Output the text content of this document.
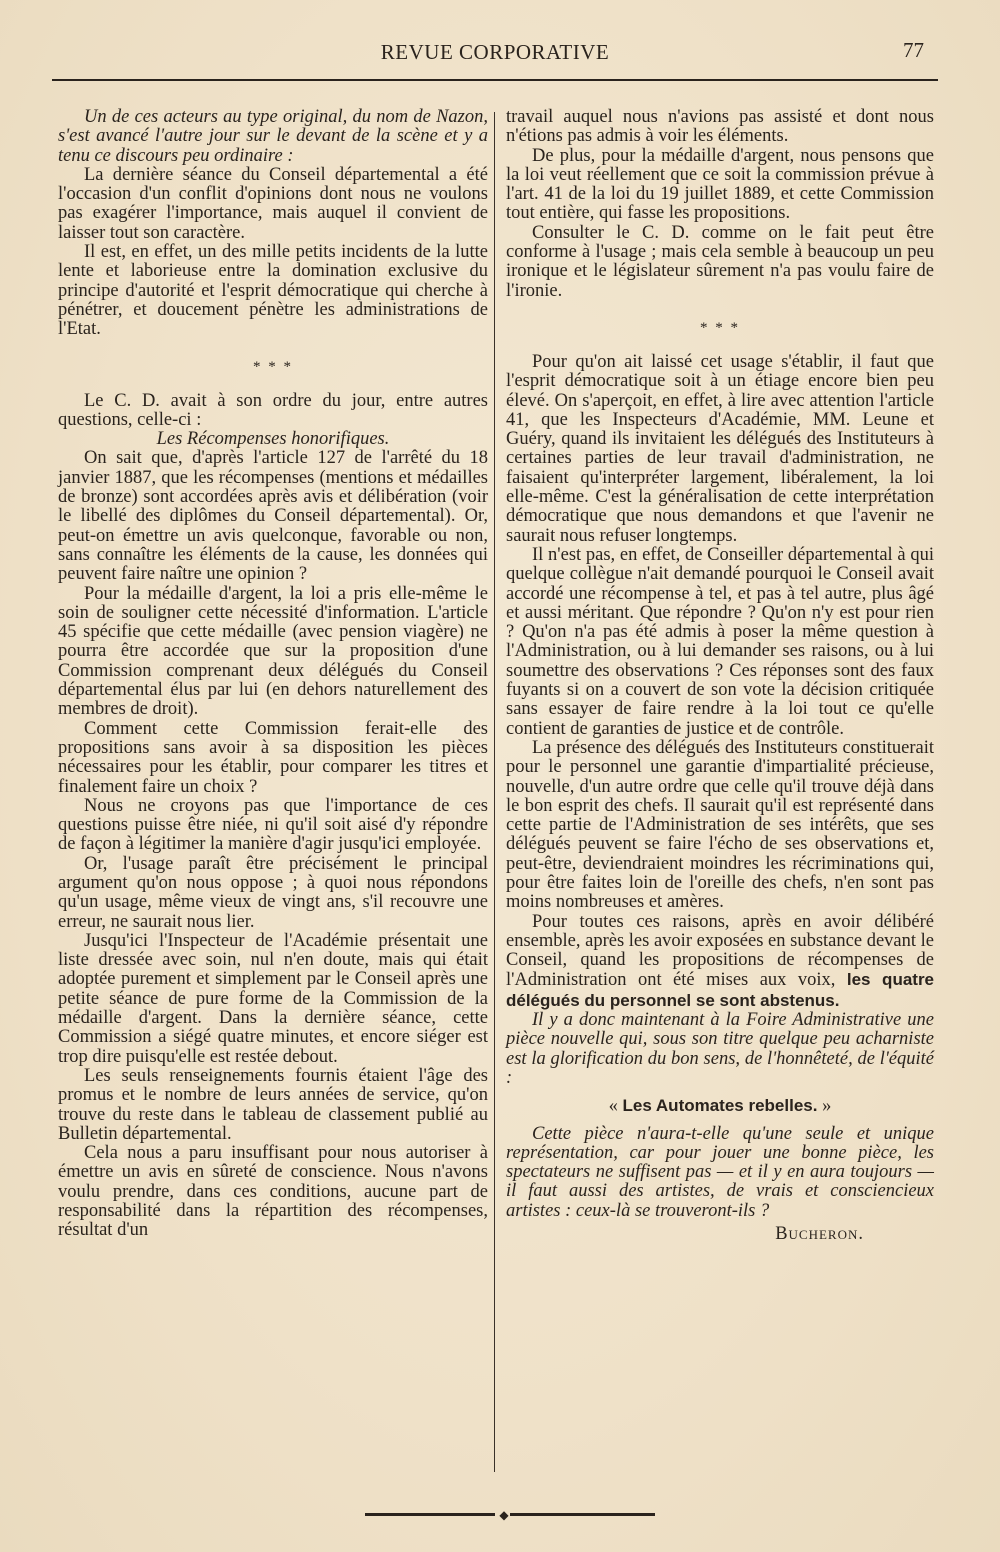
REVUE CORPORATIVE	77

Un de ces acteurs au type original, du nom de Nazon, s'est avancé l'autre jour sur le devant de la scène et y a tenu ce discours peu ordinaire :

La dernière séance du Conseil départemental a été l'occasion d'un conflit d'opinions dont nous ne voulons pas exagérer l'importance, mais auquel il convient de laisser tout son caractère.

Il est, en effet, un des mille petits incidents de la lutte lente et laborieuse entre la domination exclusive du principe d'autorité et l'esprit démocratique qui cherche à pénétrer, et doucement pénètre les administrations de l'Etat.

* * *

Le C. D. avait à son ordre du jour, entre autres questions, celle-ci :

Les Récompenses honorifiques.

On sait que, d'après l'article 127 de l'arrêté du 18 janvier 1887, que les récompenses (mentions et médailles de bronze) sont accordées après avis et délibération (voir le libellé des diplômes du Conseil départemental). Or, peut-on émettre un avis quelconque, favorable ou non, sans connaître les éléments de la cause, les données qui peuvent faire naître une opinion ?

Pour la médaille d'argent, la loi a pris elle-même le soin de souligner cette nécessité d'information. L'article 45 spécifie que cette médaille (avec pension viagère) ne pourra être accordée que sur la proposition d'une Commission comprenant deux délégués du Conseil départemental élus par lui (en dehors naturellement des membres de droit).

Comment cette Commission ferait-elle des propositions sans avoir à sa disposition les pièces nécessaires pour les établir, pour comparer les titres et finalement faire un choix ?

Nous ne croyons pas que l'importance de ces questions puisse être niée, ni qu'il soit aisé d'y répondre de façon à légitimer la manière d'agir jusqu'ici employée.

Or, l'usage paraît être précisément le principal argument qu'on nous oppose ; à quoi nous répondons qu'un usage, même vieux de vingt ans, s'il recouvre une erreur, ne saurait nous lier.

Jusqu'ici l'Inspecteur de l'Académie présentait une liste dressée avec soin, nul n'en doute, mais qui était adoptée purement et simplement par le Conseil après une petite séance de pure forme de la Commission de la médaille d'argent. Dans la dernière séance, cette Commission a siégé quatre minutes, et encore siéger est trop dire puisqu'elle est restée debout.

Les seuls renseignements fournis étaient l'âge des promus et le nombre de leurs années de service, qu'on trouve du reste dans le tableau de classement publié au Bulletin départemental.

Cela nous a paru insuffisant pour nous autoriser à émettre un avis en sûreté de conscience. Nous n'avons voulu prendre, dans ces conditions, aucune part de responsabilité dans la répartition des récompenses, résultat d'un

travail auquel nous n'avions pas assisté et dont nous n'étions pas admis à voir les éléments.

De plus, pour la médaille d'argent, nous pensons que la loi veut réellement que ce soit la commission prévue à l'art. 41 de la loi du 19 juillet 1889, et cette Commission tout entière, qui fasse les propositions.

Consulter le C. D. comme on le fait peut être conforme à l'usage ; mais cela semble à beaucoup un peu ironique et le législateur sûrement n'a pas voulu faire de l'ironie.

* * *

Pour qu'on ait laissé cet usage s'établir, il faut que l'esprit démocratique soit à un étiage encore bien peu élevé. On s'aperçoit, en effet, à lire avec attention l'article 41, que les Inspecteurs d'Académie, MM. Leune et Guéry, quand ils invitaient les délégués des Instituteurs à certaines parties de leur travail d'administration, ne faisaient qu'interpréter largement, libéralement, la loi elle-même. C'est la généralisation de cette interprétation démocratique que nous demandons et que l'avenir ne saurait nous refuser longtemps.

Il n'est pas, en effet, de Conseiller départemental à qui quelque collègue n'ait demandé pourquoi le Conseil avait accordé une récompense à tel, et pas à tel autre, plus âgé et aussi méritant. Que répondre ? Qu'on n'y est pour rien ? Qu'on n'a pas été admis à poser la même question à l'Administration, ou à lui demander ses raisons, ou à lui soumettre des observations ? Ces réponses sont des faux fuyants si on a couvert de son vote la décision critiquée sans essayer de faire rendre à la loi tout ce qu'elle contient de garanties de justice et de contrôle.

La présence des délégués des Instituteurs constituerait pour le personnel une garantie d'impartialité précieuse, nouvelle, d'un autre ordre que celle qu'il trouve déjà dans le bon esprit des chefs. Il saurait qu'il est représenté dans cette partie de l'Administration de ses intérêts, que ses délégués peuvent se faire l'écho de ses observations et, peut-être, deviendraient moindres les récriminations qui, pour être faites loin de l'oreille des chefs, n'en sont pas moins nombreuses et amères.

Pour toutes ces raisons, après en avoir délibéré ensemble, après les avoir exposées en substance devant le Conseil, quand les propositions de récompenses de l'Administration ont été mises aux voix, les quatre délégués du personnel se sont abstenus.

Il y a donc maintenant à la Foire Administrative une pièce nouvelle qui, sous son titre quelque peu acharniste est la glorification du bon sens, de l'honnêteté, de l'équité :

« Les Automates rebelles. »

Cette pièce n'aura-t-elle qu'une seule et unique représentation, car pour jouer une bonne pièce, les spectateurs ne suffisent pas — et il y en aura toujours — il faut aussi des artistes, de vrais et consciencieux artistes : ceux-là se trouveront-ils ?

Bucheron.
◆
